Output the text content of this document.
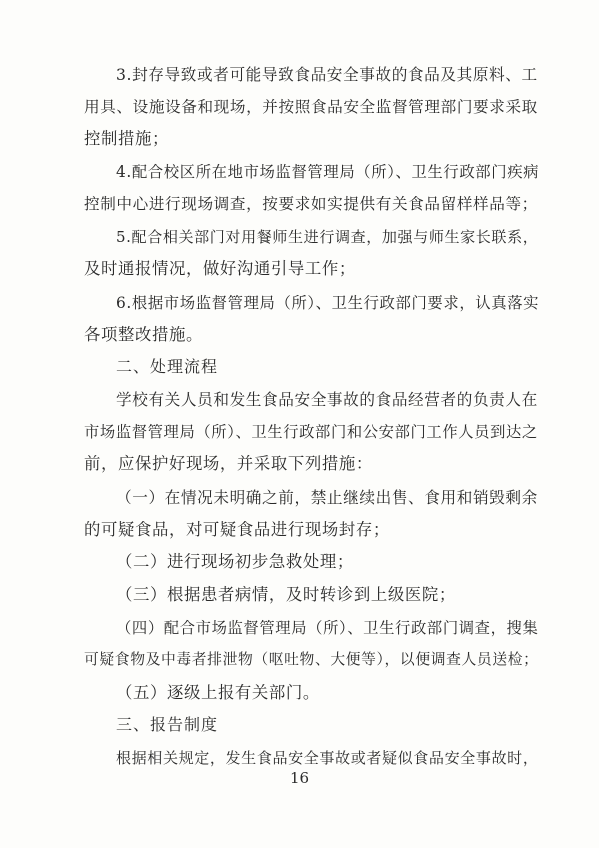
3.封存导致或者可能导致食品安全事故的食品及其原料、工
用具、设施设备和现场，并按照食品安全监督管理部门要求采取
控制措施；
4.配合校区所在地市场监督管理局（所）、卫生行政部门疾病
控制中心进行现场调查，按要求如实提供有关食品留样样品等；
5.配合相关部门对用餐师生进行调查，加强与师生家长联系，
及时通报情况，做好沟通引导工作；
6.根据市场监督管理局（所）、卫生行政部门要求，认真落实
各项整改措施。
二、处理流程
学校有关人员和发生食品安全事故的食品经营者的负责人在
市场监督管理局（所）、卫生行政部门和公安部门工作人员到达之
前，应保护好现场，并采取下列措施：
（一）在情况未明确之前，禁止继续出售、食用和销毁剩余
的可疑食品，对可疑食品进行现场封存；
（二）进行现场初步急救处理；
（三）根据患者病情，及时转诊到上级医院；
（四）配合市场监督管理局（所）、卫生行政部门调查，搜集
可疑食物及中毒者排泄物（呕吐物、大便等），以便调查人员送检；
（五）逐级上报有关部门。
三、报告制度
根据相关规定，发生食品安全事故或者疑似食品安全事故时，
16
